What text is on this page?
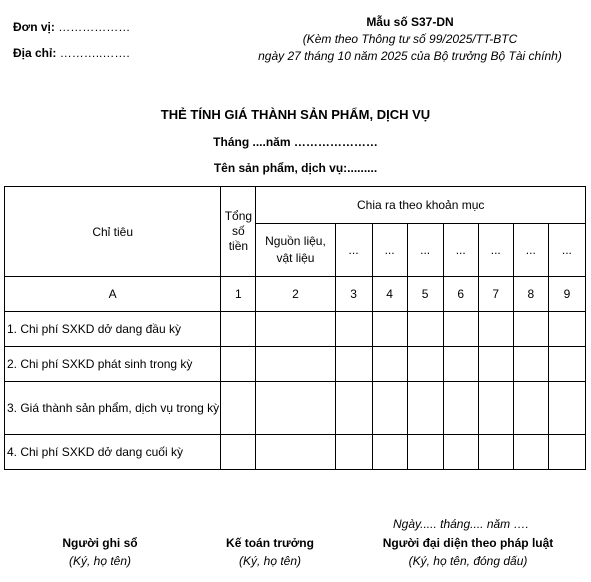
Đơn vị: ………………
Địa chỉ: ………..…….
Mẫu số S37-DN
(Kèm theo Thông tư số 99/2025/TT-BTC
ngày 27 tháng 10 năm 2025 của Bộ trưởng Bộ Tài chính)
THẺ TÍNH GIÁ THÀNH SẢN PHẨM, DỊCH VỤ
Tháng ....năm …………………
Tên sản phẩm, dịch vụ:.........
Chỉ tiêu	Tổng số tiền	Chia ra theo khoản mục							
		Nguồn liệu, vật liệu	...	...	...	...	...	...	...
A	1	2	3	4	5	6	7	8	9
1. Chi phí SXKD dở dang đầu kỳ									
2. Chi phí SXKD phát sinh trong kỳ									
3. Giá thành sản phẩm, dịch vụ trong kỳ									
4. Chi phí SXKD dở dang cuối kỳ									
Ngày..... tháng.... năm ….
Người ghi sổ
(Ký, họ tên)
Kế toán trưởng
(Ký, họ tên)
Người đại diện theo pháp luật
(Ký, họ tên, đóng dấu)
